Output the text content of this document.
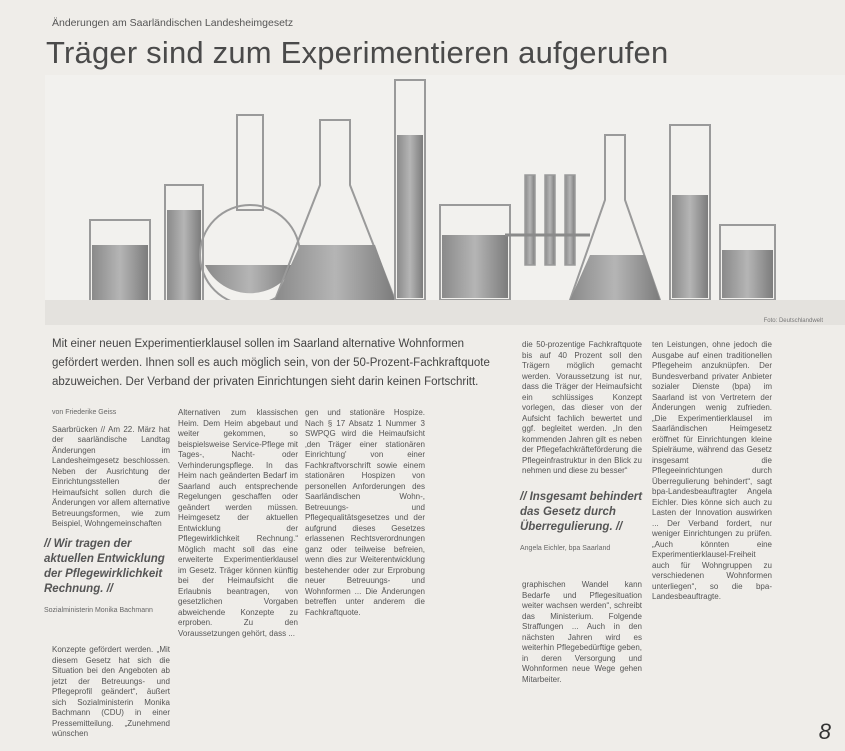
Änderungen am Saarländischen Landesheimgesetz
Träger sind zum Experimentieren aufgerufen
Foto: Deutschlandwelt
Mit einer neuen Experimentierklausel sollen im Saarland alternative Wohnformen gefördert werden. Ihnen soll es auch möglich sein, von der 50-Prozent-Fachkraftquote abzuweichen. Der Verband der privaten Einrichtungen sieht darin keinen Fortschritt.
von Friederike Geiss
Saarbrücken // Am 22. März hat der saarländische Landtag Änderungen im Landesheimgesetz beschlossen. Neben der Ausrichtung der Einrichtungsstellen der Heimaufsicht sollen durch die Änderungen vor allem alternative Betreuungsformen, wie zum Beispiel, Wohngemeinschaften
// Wir tragen der aktuellen Entwicklung der Pflegewirklichkeit Rechnung. //
Sozialministerin Monika Bachmann
Konzepte gefördert werden. „Mit diesem Gesetz hat sich die Situation bei den Angeboten ab jetzt der Betreuungs- und Pflegeprofil geändert“, äußert sich Sozialministerin Monika Bachmann (CDU) in einer Pressemitteilung. „Zunehmend wünschen
Alternativen zum klassischen Heim. Dem Heim abgebaut und weiter gekommen, so beispielsweise Service-Pflege mit Tages-, Nacht- oder Verhinderungspflege. In das Heim nach geänderten Bedarf im Saarland auch entsprechende Regelungen geschaffen oder geändert werden müssen. Heimgesetz der aktuellen Entwicklung der Pflegewirklichkeit Rechnung.“ Möglich macht soll das eine erweiterte Experimentierklausel im Gesetz. Träger können künftig bei der Heimaufsicht die Erlaubnis beantragen, von gesetzlichen Vorgaben abweichende Konzepte zu erproben. Zu den Voraussetzungen gehört, dass ...
gen und stationäre Hospize. Nach § 17 Absatz 1 Nummer 3 SWPQG wird die Heimaufsicht ‚den Träger einer stationären Einrichtung' von einer Fachkraftvorschrift sowie einem stationären Hospizen von personellen Anforderungen des Saarländischen Wohn-, Betreuungs- und Pflegequalitätsgesetzes und der aufgrund dieses Gesetzes erlassenen Rechtsverordnungen ganz oder teilweise befreien, wenn dies zur Weiterentwicklung bestehender oder zur Erprobung neuer Betreuungs- und Wohnformen ... Die Änderungen betreffen unter anderem die Fachkraftquote.
die 50-prozentige Fachkraftquote bis auf 40 Prozent soll den Trägern möglich gemacht werden. Voraussetzung ist nur, dass die Träger der Heimaufsicht ein schlüssiges Konzept vorlegen, das dieser von der Aufsicht fachlich bewertet und ggf. begleitet werden. „In den kommenden Jahren gilt es neben der Pflegefachkräfteförderung die Pflegeinfrastruktur in den Blick zu nehmen und diese zu besser“
// Insgesamt behindert das Gesetz durch Überregulierung. //
Angela Eichler, bpa Saarland
graphischen Wandel kann Bedarfe und Pflegesituation weiter wachsen werden“, schreibt das Ministerium. Folgende Straffungen ... Auch in den nächsten Jahren wird es weiterhin Pflegebedürftige geben, in deren Versorgung und Wohnformen neue Wege gehen Mitarbeiter.
ten Leistungen, ohne jedoch die Ausgabe auf einen traditionellen Pflegeheim anzuknüpfen. Der Bundesverband privater Anbieter sozialer Dienste (bpa) im Saarland ist von Vertretern der Änderungen wenig zufrieden. „Die Experimentierklausel im Saarländischen Heimgesetz eröffnet für Einrichtungen kleine Spielräume, während das Gesetz insgesamt die Pflegeeinrichtungen durch Überregulierung behindert“, sagt bpa-Landesbeauftragter Angela Eichler. Dies könne sich auch zu Lasten der Innovation auswirken ... Der Verband fordert, nur weniger Einrichtungen zu prüfen. „Auch könnten eine Experimentierklausel-Freiheit auch für Wohngruppen zu verschiedenen Wohnformen unterliegen“, so die bpa-Landesbeauftragte.
8
